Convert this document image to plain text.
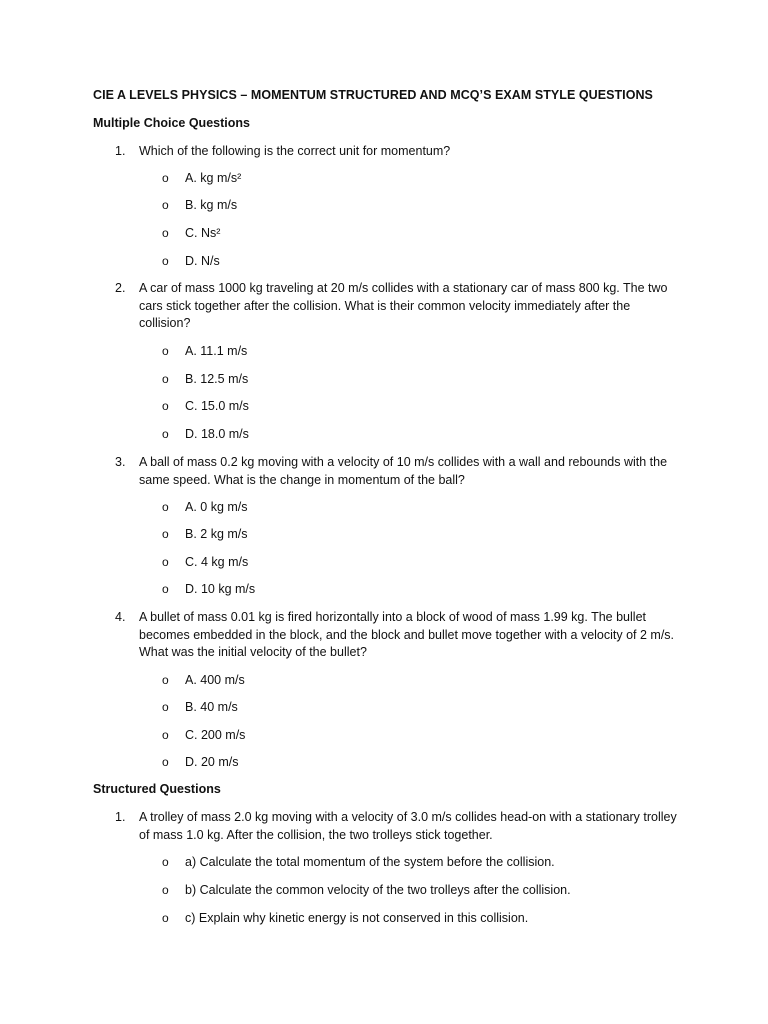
CIE A LEVELS PHYSICS – MOMENTUM STRUCTURED AND MCQ’S EXAM STYLE QUESTIONS
Multiple Choice Questions
1. Which of the following is the correct unit for momentum?
o A. kg m/s²
o B. kg m/s
o C. Ns²
o D. N/s
2. A car of mass 1000 kg traveling at 20 m/s collides with a stationary car of mass 800 kg. The two cars stick together after the collision. What is their common velocity immediately after the collision?
o A. 11.1 m/s
o B. 12.5 m/s
o C. 15.0 m/s
o D. 18.0 m/s
3. A ball of mass 0.2 kg moving with a velocity of 10 m/s collides with a wall and rebounds with the same speed. What is the change in momentum of the ball?
o A. 0 kg m/s
o B. 2 kg m/s
o C. 4 kg m/s
o D. 10 kg m/s
4. A bullet of mass 0.01 kg is fired horizontally into a block of wood of mass 1.99 kg. The bullet becomes embedded in the block, and the block and bullet move together with a velocity of 2 m/s. What was the initial velocity of the bullet?
o A. 400 m/s
o B. 40 m/s
o C. 200 m/s
o D. 20 m/s
Structured Questions
1. A trolley of mass 2.0 kg moving with a velocity of 3.0 m/s collides head-on with a stationary trolley of mass 1.0 kg. After the collision, the two trolleys stick together.
o a) Calculate the total momentum of the system before the collision.
o b) Calculate the common velocity of the two trolleys after the collision.
o c) Explain why kinetic energy is not conserved in this collision.
